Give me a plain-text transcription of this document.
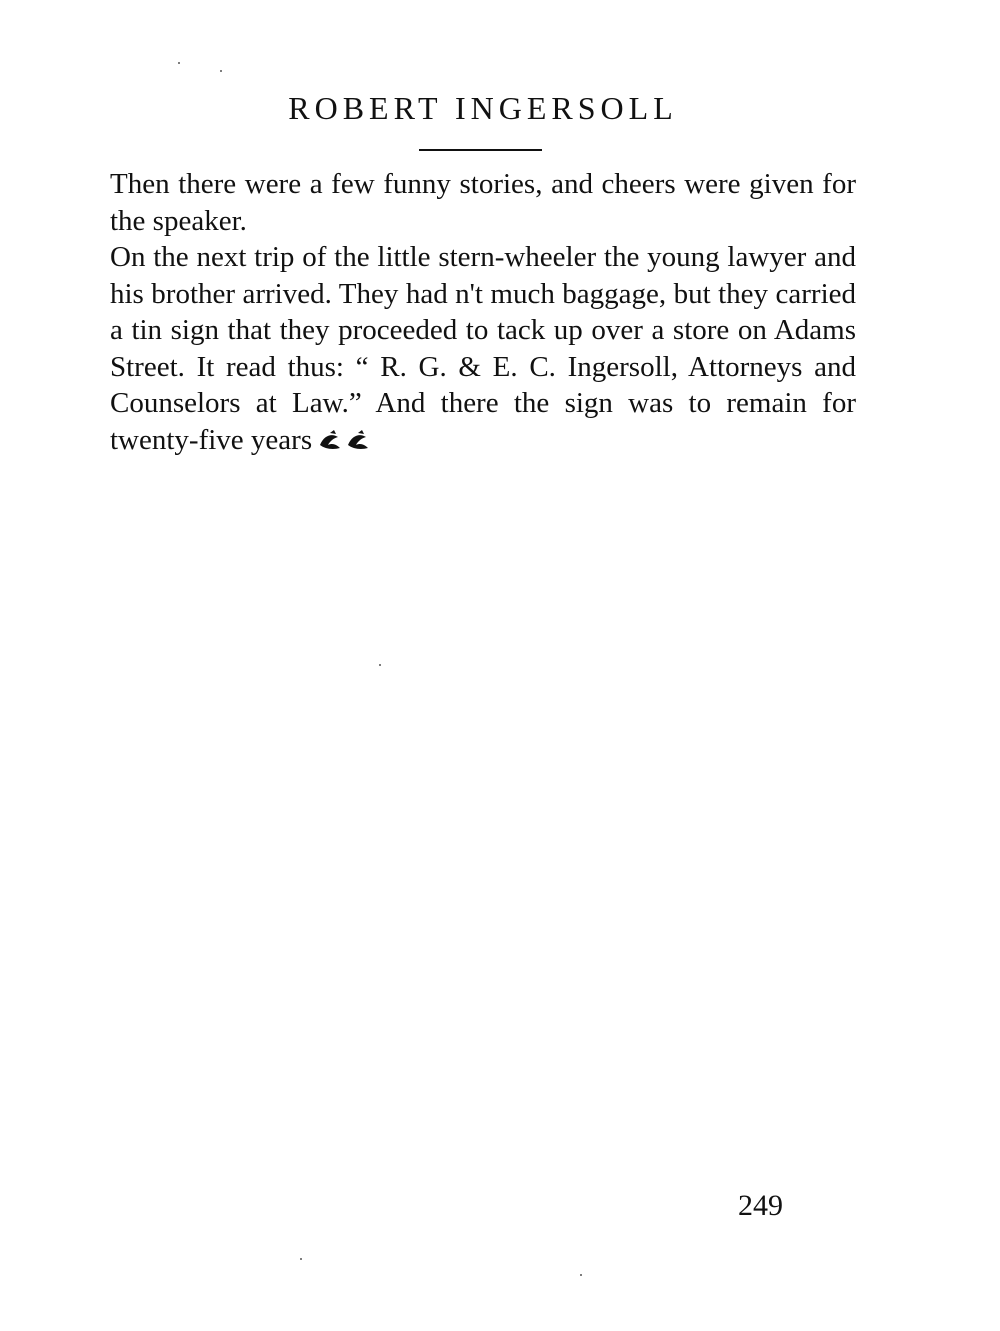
ROBERT INGERSOLL

Then there were a few funny stories, and cheers were given for the speaker.

On the next trip of the little stern-wheeler the young lawyer and his brother arrived. They had n't much baggage, but they carried a tin sign that they proceeded to tack up over a store on Adams Street. It read thus: “ R. G. & E. C. Ingersoll, Attorneys and Counselors at Law.” And there the sign was to remain for twenty-five years

249
